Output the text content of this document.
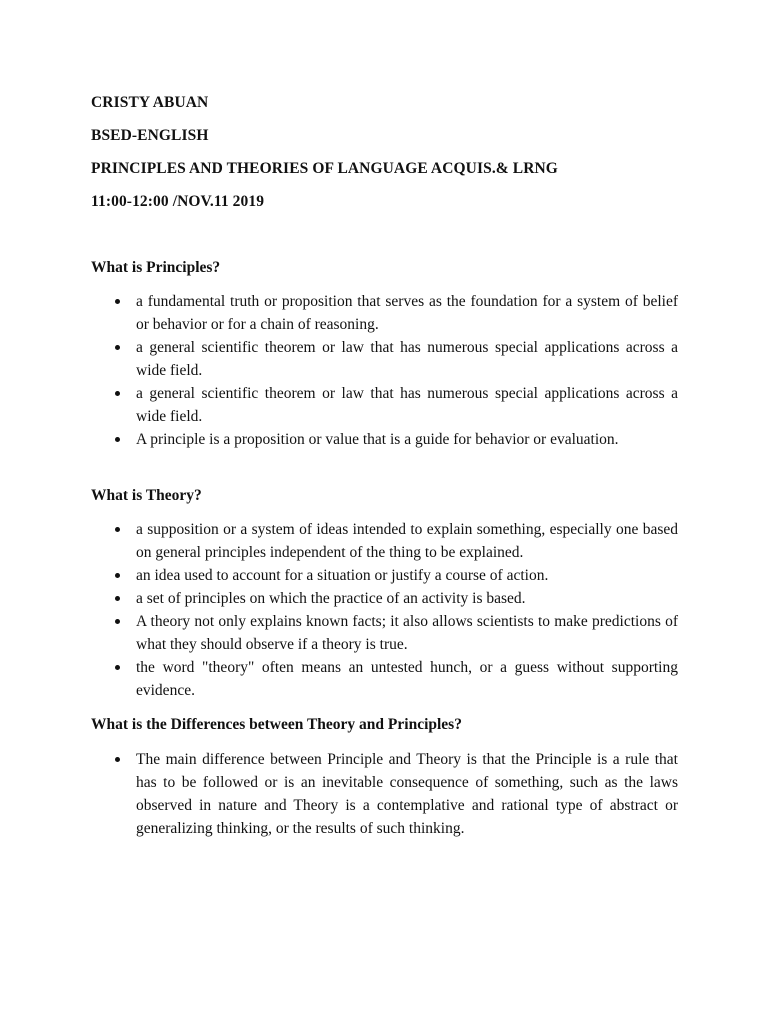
CRISTY ABUAN
BSED-ENGLISH
PRINCIPLES AND THEORIES OF LANGUAGE ACQUIS.& LRNG
11:00-12:00 /NOV.11 2019
What is Principles?
a fundamental truth or proposition that serves as the foundation for a system of belief or behavior or for a chain of reasoning.
a general scientific theorem or law that has numerous special applications across a wide field.
a general scientific theorem or law that has numerous special applications across a wide field.
A principle is a proposition or value that is a guide for behavior or evaluation.
What is Theory?
a supposition or a system of ideas intended to explain something, especially one based on general principles independent of the thing to be explained.
an idea used to account for a situation or justify a course of action.
a set of principles on which the practice of an activity is based.
A theory not only explains known facts; it also allows scientists to make predictions of what they should observe if a theory is true.
the word "theory" often means an untested hunch, or a guess without supporting evidence.
What is the Differences between Theory and Principles?
The main difference between Principle and Theory is that the Principle is a rule that has to be followed or is an inevitable consequence of something, such as the laws observed in nature and Theory is a contemplative and rational type of abstract or generalizing thinking, or the results of such thinking.
